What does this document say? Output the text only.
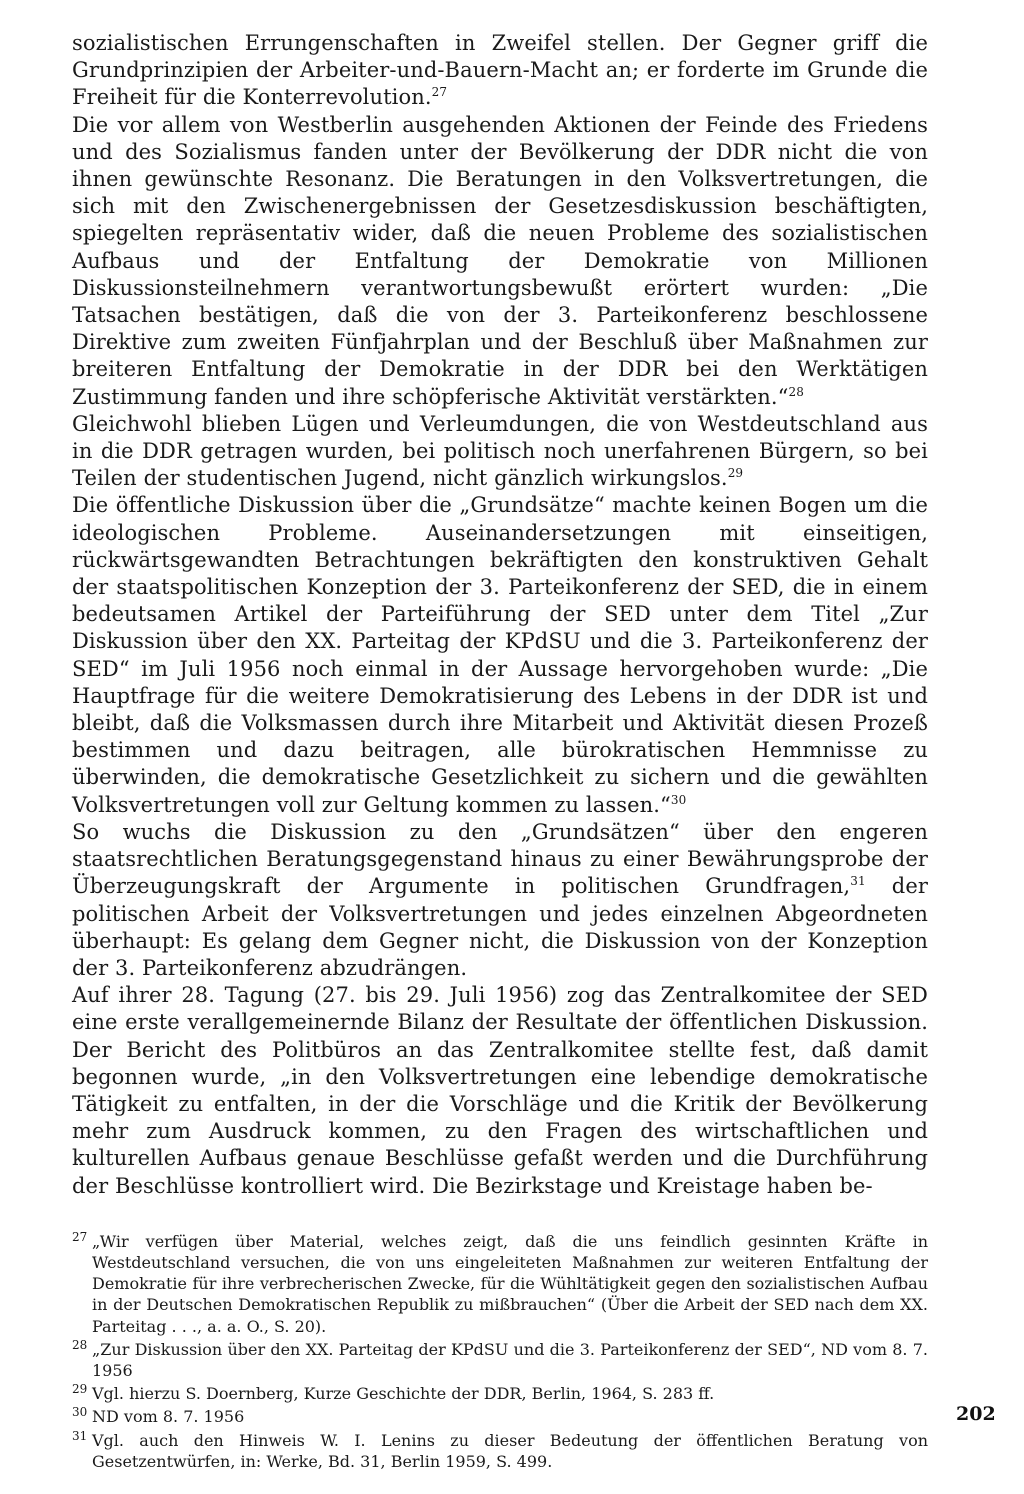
sozialistischen Errungenschaften in Zweifel stellen. Der Gegner griff die Grundprinzipien der Arbeiter-und-Bauern-Macht an; er forderte im Grunde die Freiheit für die Konterrevolution.$^{27}$

Die vor allem von Westberlin ausgehenden Aktionen der Feinde des Friedens und des Sozialismus fanden unter der Bevölkerung der DDR nicht die von ihnen gewünschte Resonanz. Die Beratungen in den Volksvertretungen, die sich mit den Zwischenergebnissen der Gesetzesdiskussion beschäftigten, spiegelten repräsentativ wider, daß die neuen Probleme des sozialistischen Aufbaus und der Entfaltung der Demokratie von Millionen Diskussionsteilnehmern verantwortungsbewußt erörtert wurden: „Die Tatsachen bestätigen, daß die von der 3. Parteikonferenz beschlossene Direktive zum zweiten Fünfjahrplan und der Beschluß über Maßnahmen zur breiteren Entfaltung der Demokratie in der DDR bei den Werktätigen Zustimmung fanden und ihre schöpferische Aktivität verstärkten.“$^{28}$

Gleichwohl blieben Lügen und Verleumdungen, die von Westdeutschland aus in die DDR getragen wurden, bei politisch noch unerfahrenen Bürgern, so bei Teilen der studentischen Jugend, nicht gänzlich wirkungslos.$^{29}$

Die öffentliche Diskussion über die „Grundsätze“ machte keinen Bogen um die ideologischen Probleme. Auseinandersetzungen mit einseitigen, rückwärtsgewandten Betrachtungen bekräftigten den konstruktiven Gehalt der staatspolitischen Konzeption der 3. Parteikonferenz der SED, die in einem bedeutsamen Artikel der Parteiführung der SED unter dem Titel „Zur Diskussion über den XX. Parteitag der KPdSU und die 3. Parteikonferenz der SED“ im Juli 1956 noch einmal in der Aussage hervorgehoben wurde: „Die Hauptfrage für die weitere Demokratisierung des Lebens in der DDR ist und bleibt, daß die Volksmassen durch ihre Mitarbeit und Aktivität diesen Prozeß bestimmen und dazu beitragen, alle bürokratischen Hemmnisse zu überwinden, die demokratische Gesetzlichkeit zu sichern und die gewählten Volksvertretungen voll zur Geltung kommen zu lassen.“$^{30}$

So wuchs die Diskussion zu den „Grundsätzen“ über den engeren staatsrechtlichen Beratungsgegenstand hinaus zu einer Bewährungsprobe der Überzeugungskraft der Argumente in politischen Grundfragen,$^{31}$ der politischen Arbeit der Volksvertretungen und jedes einzelnen Abgeordneten überhaupt: Es gelang dem Gegner nicht, die Diskussion von der Konzeption der 3. Parteikonferenz abzudrängen.

Auf ihrer 28. Tagung (27. bis 29. Juli 1956) zog das Zentralkomitee der SED eine erste verallgemeinernde Bilanz der Resultate der öffentlichen Diskussion. Der Bericht des Politbüros an das Zentralkomitee stellte fest, daß damit begonnen wurde, „in den Volksvertretungen eine lebendige demokratische Tätigkeit zu entfalten, in der die Vorschläge und die Kritik der Bevölkerung mehr zum Ausdruck kommen, zu den Fragen des wirtschaftlichen und kulturellen Aufbaus genaue Beschlüsse gefaßt werden und die Durchführung der Beschlüsse kontrolliert wird. Die Bezirkstage und Kreistage haben be-

27 „Wir verfügen über Material, welches zeigt, daß die uns feindlich gesinnten Kräfte in Westdeutschland versuchen, die von uns eingeleiteten Maßnahmen zur weiteren Entfaltung der Demokratie für ihre verbrecherischen Zwecke, für die Wühltätigkeit gegen den sozialistischen Aufbau in der Deutschen Demokratischen Republik zu mißbrauchen“ (Über die Arbeit der SED nach dem XX. Parteitag . . ., a. a. O., S. 20).
28 „Zur Diskussion über den XX. Parteitag der KPdSU und die 3. Parteikonferenz der SED“, ND vom 8. 7. 1956
29 Vgl. hierzu S. Doernberg, Kurze Geschichte der DDR, Berlin, 1964, S. 283 ff.
30 ND vom 8. 7. 1956
31 Vgl. auch den Hinweis W. I. Lenins zu dieser Bedeutung der öffentlichen Beratung von Gesetzentwürfen, in: Werke, Bd. 31, Berlin 1959, S. 499.
202
